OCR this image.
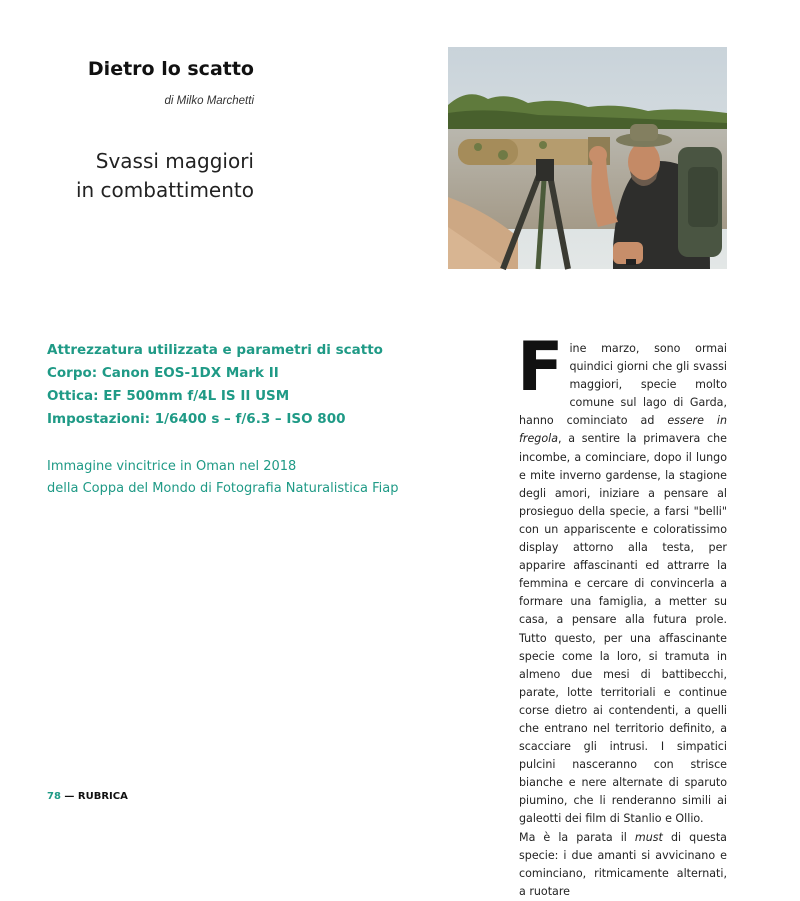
Dietro lo scatto
di Milko Marchetti
Svassi maggiori
in combattimento
Attrezzatura utilizzata e parametri di scatto
Corpo: Canon EOS-1DX Mark II
Ottica: EF 500mm f/4L IS II USM
Impostazioni: 1/6400 s – f/6.3 – ISO 800
Immagine vincitrice in Oman nel 2018
della Coppa del Mondo di Fotografia Naturalistica Fiap
F ine marzo, sono ormai quindici giorni che gli svassi maggiori, specie molto comune sul lago di Garda, hanno cominciato ad essere in fregola, a sentire la primavera che incombe, a cominciare, dopo il lungo e mite inverno gardense, la stagione degli amori, iniziare a pensare al prosieguo della specie, a farsi "belli" con un appariscente e coloratissimo display attorno alla testa, per apparire affascinanti ed attrarre la femmina e cercare di convincerla a formare una famiglia, a metter su casa, a pensare alla futura prole. Tutto questo, per una affascinante specie come la loro, si tramuta in almeno due mesi di battibecchi, parate, lotte territoriali e continue corse dietro ai contendenti, a quelli che entrano nel territorio definito, a scacciare gli intrusi. I simpatici pulcini nasceranno con strisce bianche e nere alternate di sparuto piumino, che li renderanno simili ai galeotti dei film di Stanlio e Ollio.

Ma è la parata il must di questa specie: i due amanti si avvicinano e cominciano, ritmicamente alternati, a ruotare

78 — RUBRICA
